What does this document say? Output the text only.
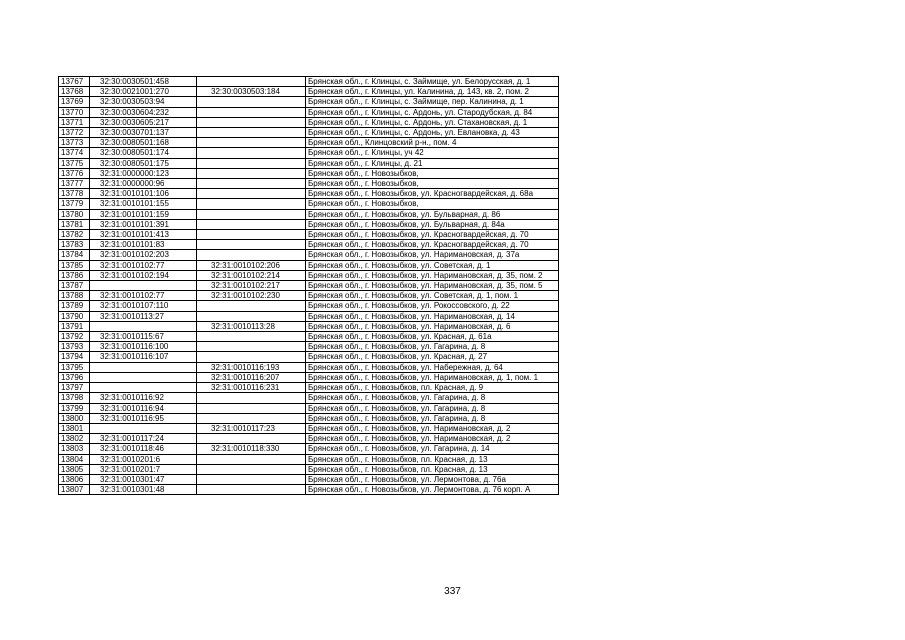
13767	32:30:0030501:458		Брянская обл., г. Клинцы, с. Займище, ул. Белорусская, д. 1
13768	32:30:0021001:270	32:30:0030503:184	Брянская обл., г. Клинцы, ул. Калинина, д. 143, кв. 2, пом. 2
13769	32:30:0030503:94		Брянская обл., г. Клинцы, с. Займище, пер. Калинина, д. 1
13770	32:30:0030604:232		Брянская обл., г. Клинцы, с. Ардонь, ул. Стародубская, д. 84
13771	32:30:0030605:217		Брянская обл., г. Клинцы, с. Ардонь, ул. Стахановская, д. 1
13772	32:30:0030701:137		Брянская обл., г. Клинцы, с. Ардонь, ул. Евлановка, д. 43
13773	32:30:0080501:168		Брянская обл., Клинцовский р-н., пом. 4
13774	32:30:0080501:174		Брянская обл., г. Клинцы, уч 42
13775	32:30:0080501:175		Брянская обл., г. Клинцы, д. 21
13776	32:31:0000000:123		Брянская обл., г. Новозыбков,
13777	32:31:0000000:96		Брянская обл., г. Новозыбков,
13778	32:31:0010101:106		Брянская обл., г. Новозыбков, ул. Красногвардейская, д. 68а
13779	32:31:0010101:155		Брянская обл., г. Новозыбков,
13780	32:31:0010101:159		Брянская обл., г. Новозыбков, ул. Бульварная, д. 86
13781	32:31:0010101:391		Брянская обл., г. Новозыбков, ул. Бульварная, д. 84а
13782	32:31:0010101:413		Брянская обл., г. Новозыбков, ул. Красногвардейская, д. 70
13783	32:31:0010101:83		Брянская обл., г. Новозыбков, ул. Красногвардейская, д. 70
13784	32:31:0010102:203		Брянская обл., г. Новозыбков, ул. Наримановская, д. 37а
13785	32:31:0010102:77	32:31:0010102:206	Брянская обл., г. Новозыбков, ул. Советская, д. 1
13786	32:31:0010102:194	32:31:0010102:214	Брянская обл., г. Новозыбков, ул. Наримановская, д. 35, пом. 2
13787		32:31:0010102:217	Брянская обл., г. Новозыбков, ул. Наримановская, д. 35, пом. 5
13788	32:31:0010102:77	32:31:0010102:230	Брянская обл., г. Новозыбков, ул. Советская, д. 1, пом. 1
13789	32:31:0010107:110		Брянская обл., г. Новозыбков, ул. Рокоссовского, д. 22
13790	32:31:0010113:27		Брянская обл., г. Новозыбков, ул. Наримановская, д. 14
13791		32:31:0010113:28	Брянская обл., г. Новозыбков, ул. Наримановская, д. 6
13792	32:31:0010115:67		Брянская обл., г. Новозыбков, ул. Красная, д. 61а
13793	32:31:0010116:100		Брянская обл., г. Новозыбков, ул. Гагарина, д. 8
13794	32:31:0010116:107		Брянская обл., г. Новозыбков, ул. Красная, д. 27
13795		32:31:0010116:193	Брянская обл., г. Новозыбков, ул. Набережная, д. 64
13796		32:31:0010116:207	Брянская обл., г. Новозыбков, ул. Наримановская, д. 1, пом. 1
13797		32:31:0010116:231	Брянская обл., г. Новозыбков, пл. Красная, д. 9
13798	32:31:0010116:92		Брянская обл., г. Новозыбков, ул. Гагарина, д. 8
13799	32:31:0010116:94		Брянская обл., г. Новозыбков, ул. Гагарина, д. 8
13800	32:31:0010116:95		Брянская обл., г. Новозыбков, ул. Гагарина, д. 8
13801		32:31:0010117:23	Брянская обл., г. Новозыбков, ул. Наримановская, д. 2
13802	32:31:0010117:24		Брянская обл., г. Новозыбков, ул. Наримановская, д. 2
13803	32:31:0010118:46	32:31:0010118:330	Брянская обл., г. Новозыбков, ул. Гагарина, д. 14
13804	32:31:0010201:6		Брянская обл., г. Новозыбков, пл. Красная, д. 13
13805	32:31:0010201:7		Брянская обл., г. Новозыбков, пл. Красная, д. 13
13806	32:31:0010301:47		Брянская обл., г. Новозыбков, ул. Лермонтова, д. 76а
13807	32:31:0010301:48		Брянская обл., г. Новозыбков, ул. Лермонтова, д. 76 корп. А
337
